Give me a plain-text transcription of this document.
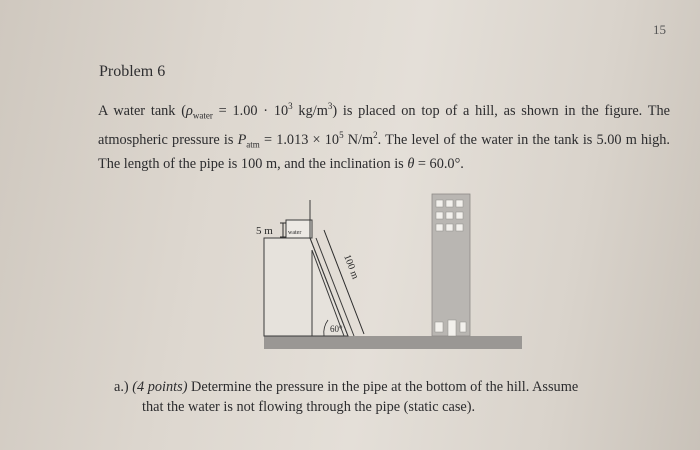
15
Problem 6
A water tank ($\rho_{water} = 1.00 \cdot 10^3$ $kg/m^3$) is placed on top of a hill, as shown in the figure. The atmospheric pressure is $P_{atm} = 1.013 \times 10^5$ $N/m^2$. The level of the water in the tank is 5.00 m high. The length of the pipe is 100 m, and the inclination is θ = 60.0°.
5 m	water
100 m
60°
a.) (4 points) Determine the pressure in the pipe at the bottom of the hill. Assume
that the water is not flowing through the pipe (static case).
